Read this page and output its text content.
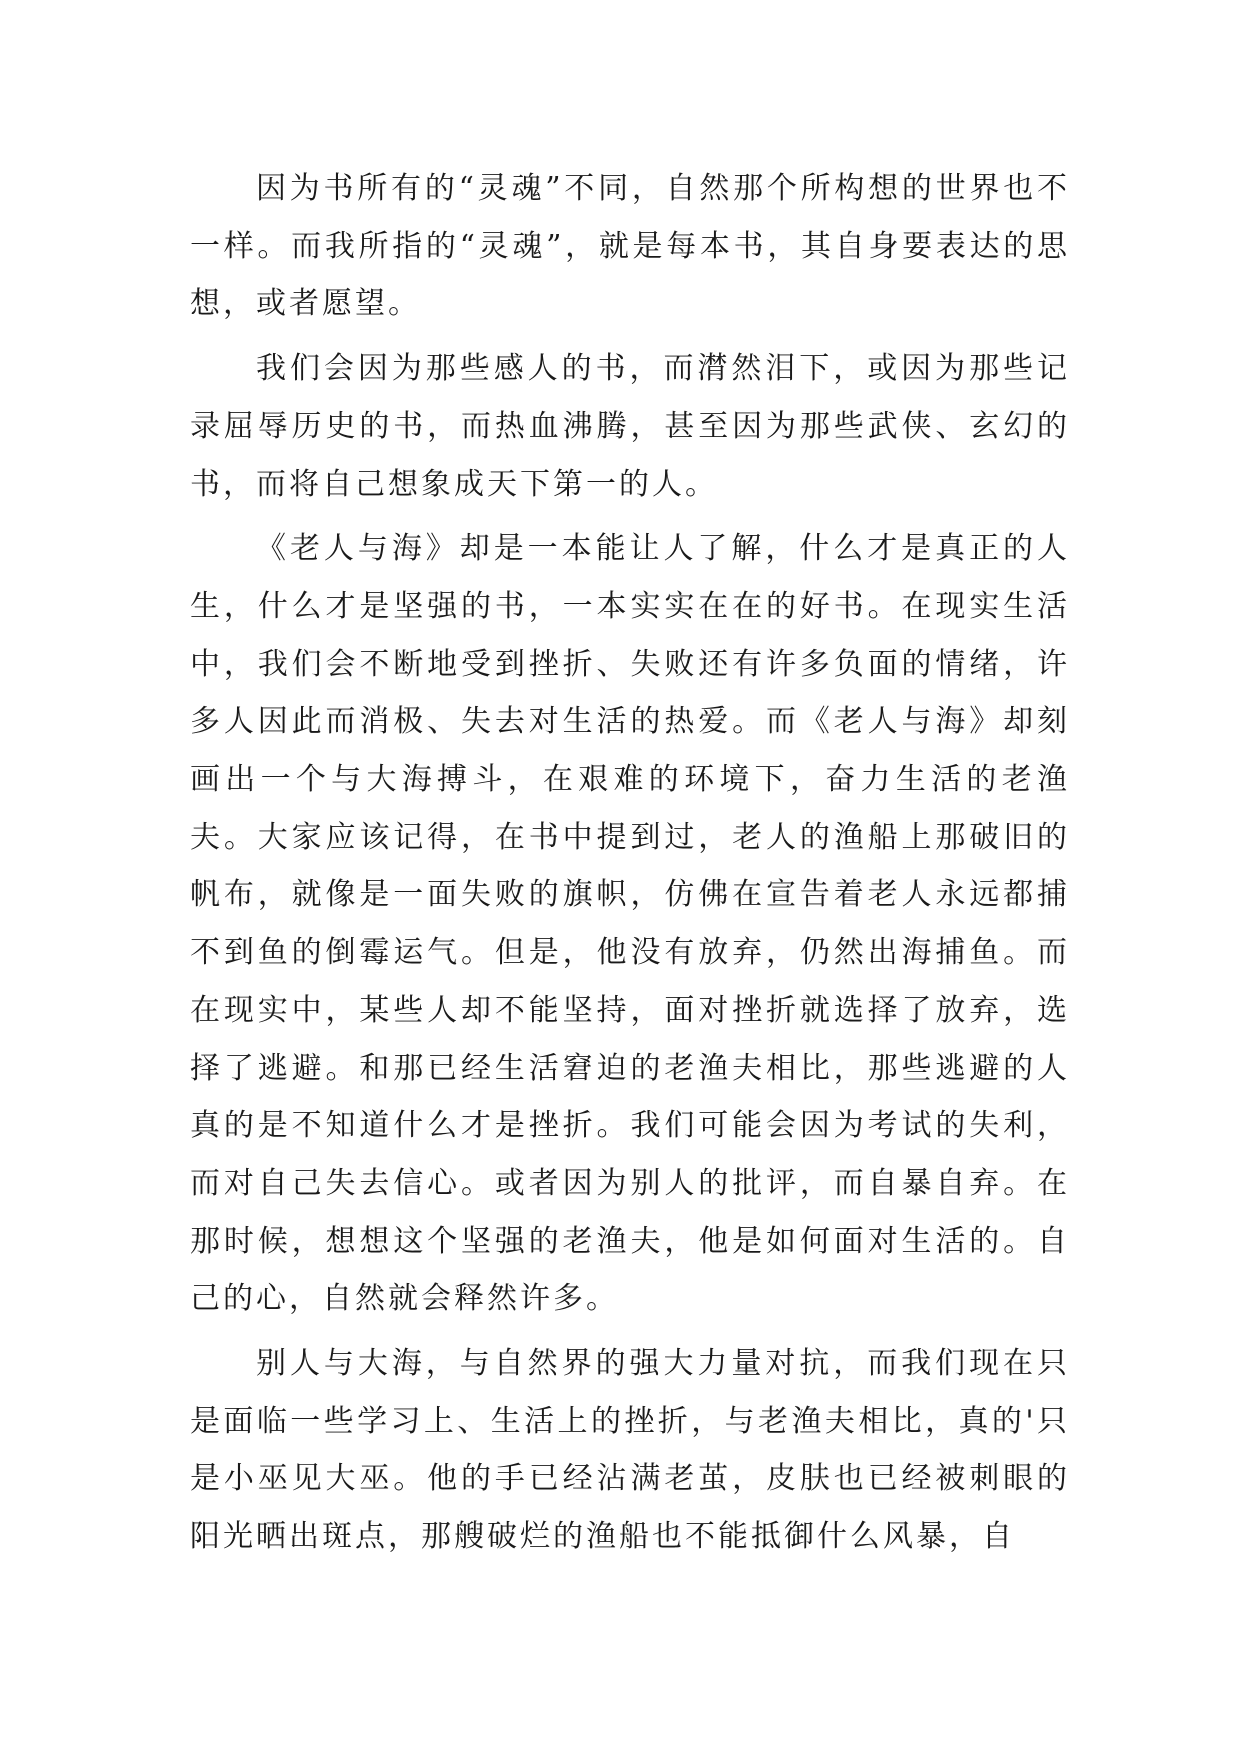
因为书所有的“灵魂”不同，自然那个所构想的世界也不一样。而我所指的“灵魂”，就是每本书，其自身要表达的思想，或者愿望。

我们会因为那些感人的书，而潸然泪下，或因为那些记录屈辱历史的书，而热血沸腾，甚至因为那些武侠、玄幻的书，而将自己想象成天下第一的人。

《老人与海》却是一本能让人了解，什么才是真正的人生，什么才是坚强的书，一本实实在在的好书。在现实生活中，我们会不断地受到挫折、失败还有许多负面的情绪，许多人因此而消极、失去对生活的热爱。而《老人与海》却刻画出一个与大海搏斗，在艰难的环境下，奋力生活的老渔夫。大家应该记得，在书中提到过，老人的渔船上那破旧的帆布，就像是一面失败的旗帜，仿佛在宣告着老人永远都捕不到鱼的倒霉运气。但是，他没有放弃，仍然出海捕鱼。而在现实中，某些人却不能坚持，面对挫折就选择了放弃，选择了逃避。和那已经生活窘迫的老渔夫相比，那些逃避的人真的是不知道什么才是挫折。我们可能会因为考试的失利，而对自己失去信心。或者因为别人的批评，而自暴自弃。在那时候，想想这个坚强的老渔夫，他是如何面对生活的。自己的心，自然就会释然许多。

别人与大海，与自然界的强大力量对抗，而我们现在只是面临一些学习上、生活上的挫折，与老渔夫相比，真的'只是小巫见大巫。他的手已经沾满老茧，皮肤也已经被刺眼的阳光晒出斑点，那艘破烂的渔船也不能抵御什么风暴，自
